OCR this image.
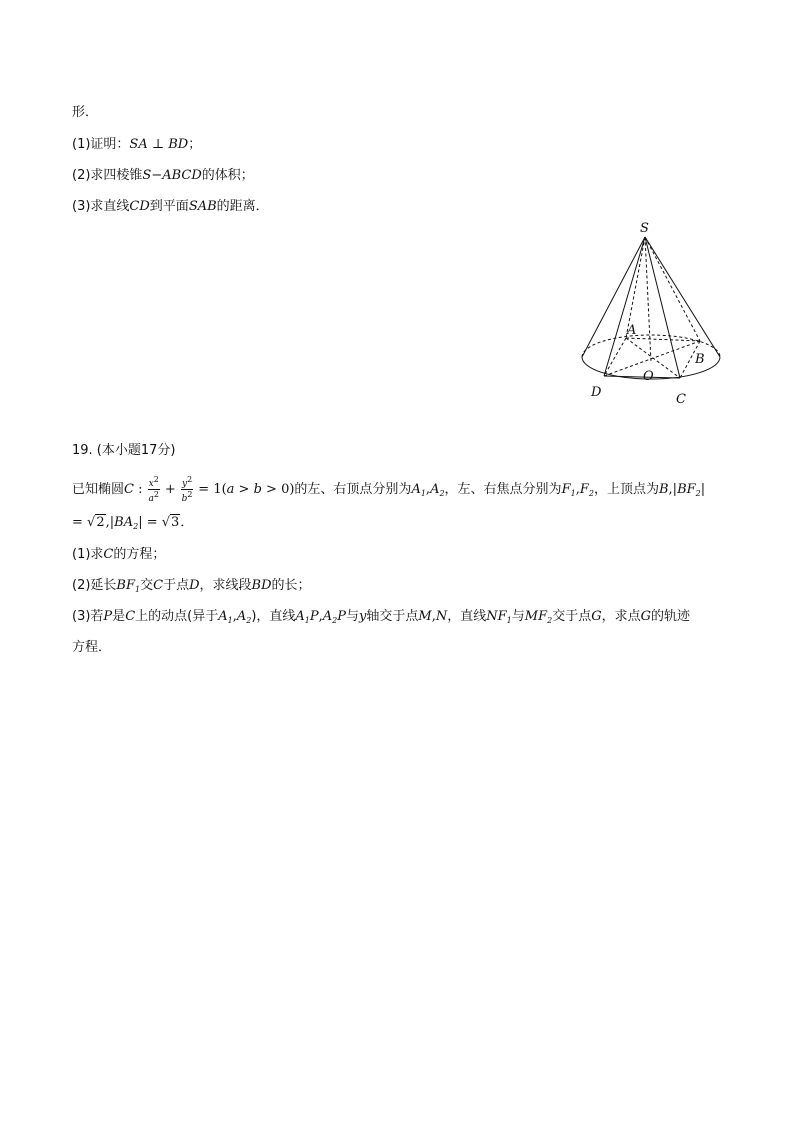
形．
(1)证明：SA ⊥ BD；
(2)求四棱锥S−ABCD的体积；
(3)求直线CD到平面SAB的距离．
S
A
B
O
D	C
19. (本小题17分)
已知椭圆C : $\frac{x^2}{a^2} + \frac{y^2}{b^2} = 1(a > b > 0)$的左、右顶点分别为$A_1,A_2$，左、右焦点分别为$F_1,F_2$，上顶点为$B,|BF_2|$
= $√2,|BA_2| = √3$．
(1)求C的方程；
(2)延长$BF_1$交C于点D，求线段BD的长；
(3)若P是C上的动点(异于$A_1,A_2$)，直线$A_1P,A_2P$与y轴交于点M,N，直线$NF_1$与$MF_2$交于点G，求点G的轨迹
方程．
